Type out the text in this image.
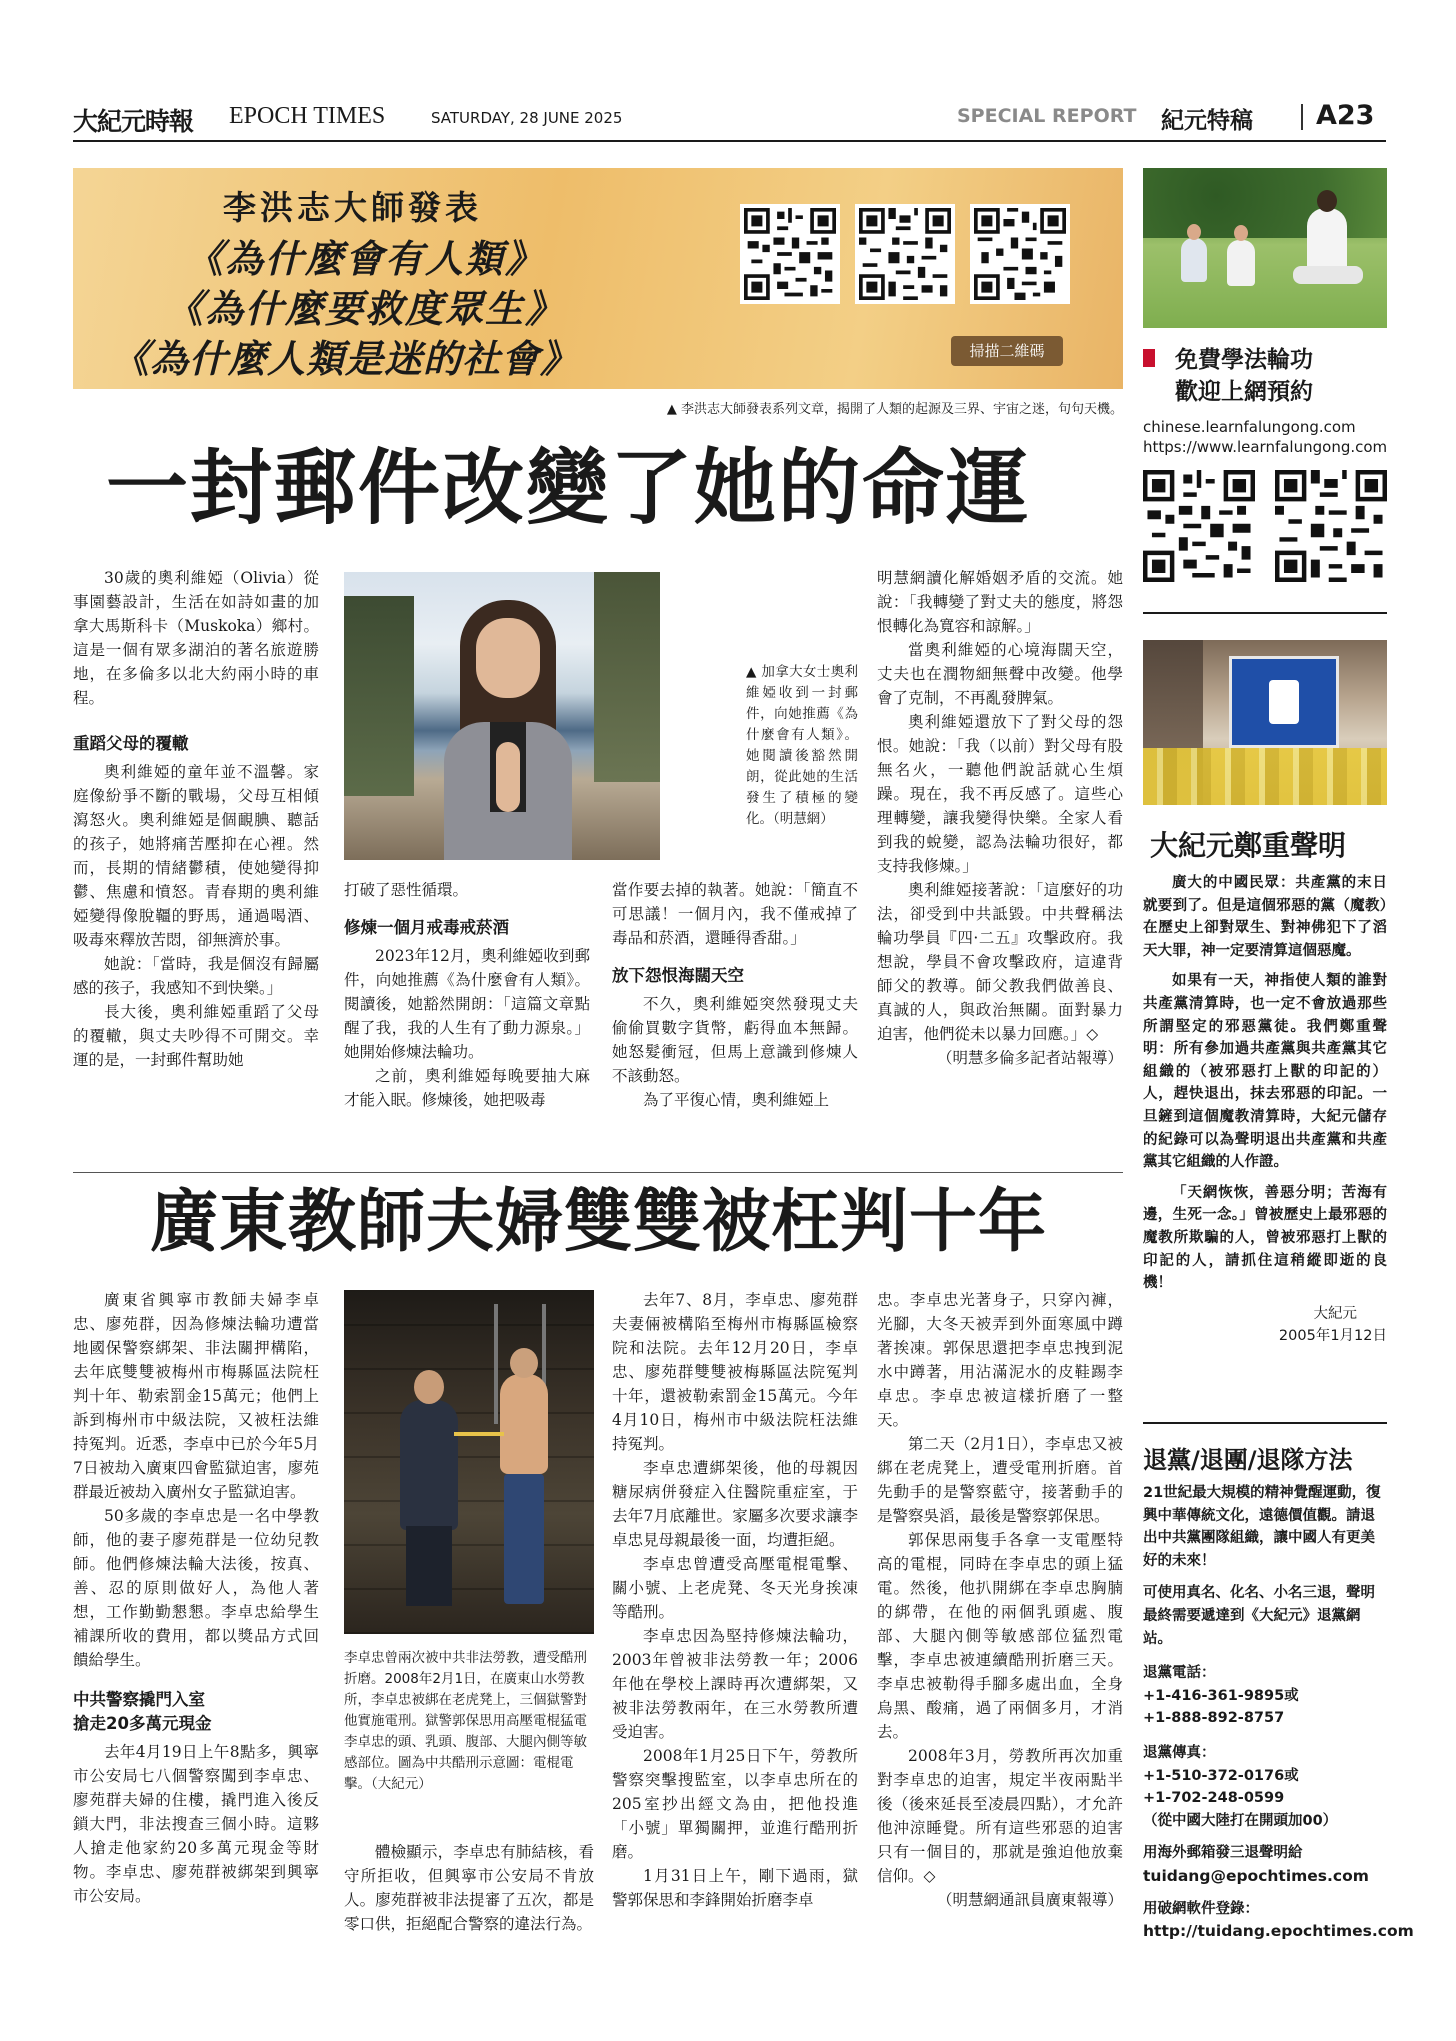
大紀元時報 EPOCH TIMES	SATURDAY, 28 JUNE 2025	SPECIAL REPORT 紀元特稿 A23
李洪志大師發表
《為什麼會有人類》
《為什麼要救度眾生》
《為什麼人類是迷的社會》	掃描二維碼
▲ 李洪志大師發表系列文章，揭開了人類的起源及三界、宇宙之迷，句句天機。
免費學法輪功
歡迎上網預約
chinese.learnfalungong.com
https://www.learnfalungong.com
大紀元鄭重聲明

廣大的中國民眾：共產黨的末日就要到了。但是這個邪惡的黨（魔教）在歷史上卻對眾生、對神佛犯下了滔天大罪，神一定要清算這個惡魔。

如果有一天，神指使人類的誰對共產黨清算時，也一定不會放過那些所謂堅定的邪惡黨徒。我們鄭重聲明：所有參加過共產黨與共產黨其它組織的（被邪惡打上獸的印記的）人，趕快退出，抹去邪惡的印記。一旦鏟到這個魔教清算時，大紀元儲存的紀錄可以為聲明退出共產黨和共產黨其它組織的人作證。

「天網恢恢，善惡分明；苦海有邊，生死一念。」曾被歷史上最邪惡的魔教所欺騙的人，曾被邪惡打上獸的印記的人，請抓住這稍縱即逝的良機！

大紀元

2005年1月12日

退黨/退團/退隊方法

21世紀最大規模的精神覺醒運動，復興中華傳統文化，遠德價值觀。請退出中共黨團隊組織，讓中國人有更美好的未來！

可使用真名、化名、小名三退，聲明最終需要遞達到《大紀元》退黨網站。

退黨電話：

+1-416-361-9895或

+1-888-892-8757

退黨傳真：

+1-510-372-0176或

+1-702-248-0599

（從中國大陸打在開頭加00）

用海外郵箱發三退聲明給

tuidang@epochtimes.com

用破網軟件登錄：

http://tuidang.epochtimes.com

一封郵件改變了她的命運

30歲的奧利維婭（Olivia）從事園藝設計，生活在如詩如畫的加拿大馬斯科卡（Muskoka）鄉村。這是一個有眾多湖泊的著名旅遊勝地，在多倫多以北大約兩小時的車程。

重蹈父母的覆轍

奧利維婭的童年並不溫馨。家庭像紛爭不斷的戰場，父母互相傾瀉怒火。奧利維婭是個靦腆、聽話的孩子，她將痛苦壓抑在心裡。然而，長期的情緒鬱積，使她變得抑鬱、焦慮和憤怒。青春期的奧利維婭變得像脫韁的野馬，通過喝酒、吸毒來釋放苦悶，卻無濟於事。

她說：「當時，我是個沒有歸屬感的孩子，我感知不到快樂。」

長大後，奧利維婭重蹈了父母的覆轍，與丈夫吵得不可開交。幸運的是，一封郵件幫助她

▲ 加拿大女士奧利維婭收到一封郵件，向她推薦《為什麼會有人類》。她閱讀後豁然開朗，從此她的生活發生了積極的變化。（明慧網）

打破了惡性循環。

修煉一個月戒毒戒菸酒

2023年12月，奧利維婭收到郵件，向她推薦《為什麼會有人類》。閱讀後，她豁然開朗：「這篇文章點醒了我，我的人生有了動力源泉。」她開始修煉法輪功。

之前，奧利維婭每晚要抽大麻才能入眠。修煉後，她把吸毒

當作要去掉的執著。她說：「簡直不可思議！一個月內，我不僅戒掉了毒品和菸酒，還睡得香甜。」

放下怨恨海闊天空

不久，奧利維婭突然發現丈夫偷偷買數字貨幣，虧得血本無歸。她怒髮衝冠，但馬上意識到修煉人不該動怒。

為了平復心情，奧利維婭上

明慧網讀化解婚姻矛盾的交流。她說：「我轉變了對丈夫的態度，將怨恨轉化為寬容和諒解。」

當奧利維婭的心境海闊天空，丈夫也在潤物細無聲中改變。他學會了克制，不再亂發脾氣。

奧利維婭還放下了對父母的怨恨。她說：「我（以前）對父母有股無名火，一聽他們說話就心生煩躁。現在，我不再反感了。這些心理轉變，讓我變得快樂。全家人看到我的蛻變，認為法輪功很好，都支持我修煉。」

奧利維婭接著說：「這麼好的功法，卻受到中共詆毀。中共聲稱法輪功學員『四·二五』攻擊政府。我想說，學員不會攻擊政府，這違背師父的教導。師父教我們做善良、真誠的人，與政治無關。面對暴力迫害，他們從未以暴力回應。」◇

（明慧多倫多記者站報導）

廣東教師夫婦雙雙被枉判十年

廣東省興寧市教師夫婦李卓忠、廖苑群，因為修煉法輪功遭當地國保警察綁架、非法關押構陷，去年底雙雙被梅州市梅縣區法院枉判十年、勒索罰金15萬元；他們上訴到梅州市中級法院，又被枉法維持冤判。近悉，李卓中已於今年5月7日被劫入廣東四會監獄迫害，廖苑群最近被劫入廣州女子監獄迫害。

50多歲的李卓忠是一名中學教師，他的妻子廖苑群是一位幼兒教師。他們修煉法輪大法後，按真、善、忍的原則做好人，為他人著想，工作勤勤懇懇。李卓忠給學生補課所收的費用，都以獎品方式回饋給學生。

中共警察撬門入室
搶走20多萬元現金

去年4月19日上午8點多，興寧市公安局七八個警察闖到李卓忠、廖苑群夫婦的住樓，撬門進入後反鎖大門，非法搜查三個小時。這夥人搶走他家約20多萬元現金等財物。李卓忠、廖苑群被綁架到興寧市公安局。

李卓忠曾兩次被中共非法勞教，遭受酷刑折磨。2008年2月1日，在廣東山水勞教所，李卓忠被綁在老虎凳上，三個獄警對他實施電刑。獄警郭保思用高壓電棍猛電李卓忠的頭、乳頭、腹部、大腿內側等敏感部位。圖為中共酷刑示意圖：電棍電擊。（大紀元）

體檢顯示，李卓忠有肺結核，看守所拒收，但興寧市公安局不肯放人。廖苑群被非法提審了五次，都是零口供，拒絕配合警察的違法行為。

去年7、8月，李卓忠、廖苑群夫妻倆被構陷至梅州市梅縣區檢察院和法院。去年12月20日，李卓忠、廖苑群雙雙被梅縣區法院冤判十年，還被勒索罰金15萬元。今年4月10日，梅州市中級法院枉法維持冤判。

李卓忠遭綁架後，他的母親因糖尿病併發症入住醫院重症室，于去年7月底離世。家屬多次要求讓李卓忠見母親最後一面，均遭拒絕。

李卓忠曾遭受高壓電棍電擊、關小號、上老虎凳、冬天光身挨凍等酷刑。

李卓忠因為堅持修煉法輪功，2003年曾被非法勞教一年；2006年他在學校上課時再次遭綁架，又被非法勞教兩年，在三水勞教所遭受迫害。

2008年1月25日下午，勞教所警察突擊搜監室，以李卓忠所在的205室抄出經文為由，把他投進「小號」單獨關押，並進行酷刑折磨。

1月31日上午，剛下過雨，獄警郭保思和李鋒開始折磨李卓

忠。李卓忠光著身子，只穿內褲，光腳，大冬天被弄到外面寒風中蹲著挨凍。郭保思還把李卓忠拽到泥水中蹲著，用沾滿泥水的皮鞋踢李卓忠。李卓忠被這樣折磨了一整天。

第二天（2月1日），李卓忠又被綁在老虎凳上，遭受電刑折磨。首先動手的是警察藍守，接著動手的是警察吳滔，最後是警察郭保思。

郭保思兩隻手各拿一支電壓特高的電棍，同時在李卓忠的頭上猛電。然後，他扒開綁在李卓忠胸腩的綁帶，在他的兩個乳頭處、腹部、大腿內側等敏感部位猛烈電擊，李卓忠被連續酷刑折磨三天。李卓忠被勒得手腳多處出血，全身烏黑、酸痛，過了兩個多月，才消去。

2008年3月，勞教所再次加重對李卓忠的迫害，規定半夜兩點半後（後來延長至凌晨四點），才允許他沖涼睡覺。所有這些邪惡的迫害只有一個目的，那就是強迫他放棄信仰。◇

（明慧網通訊員廣東報導）
